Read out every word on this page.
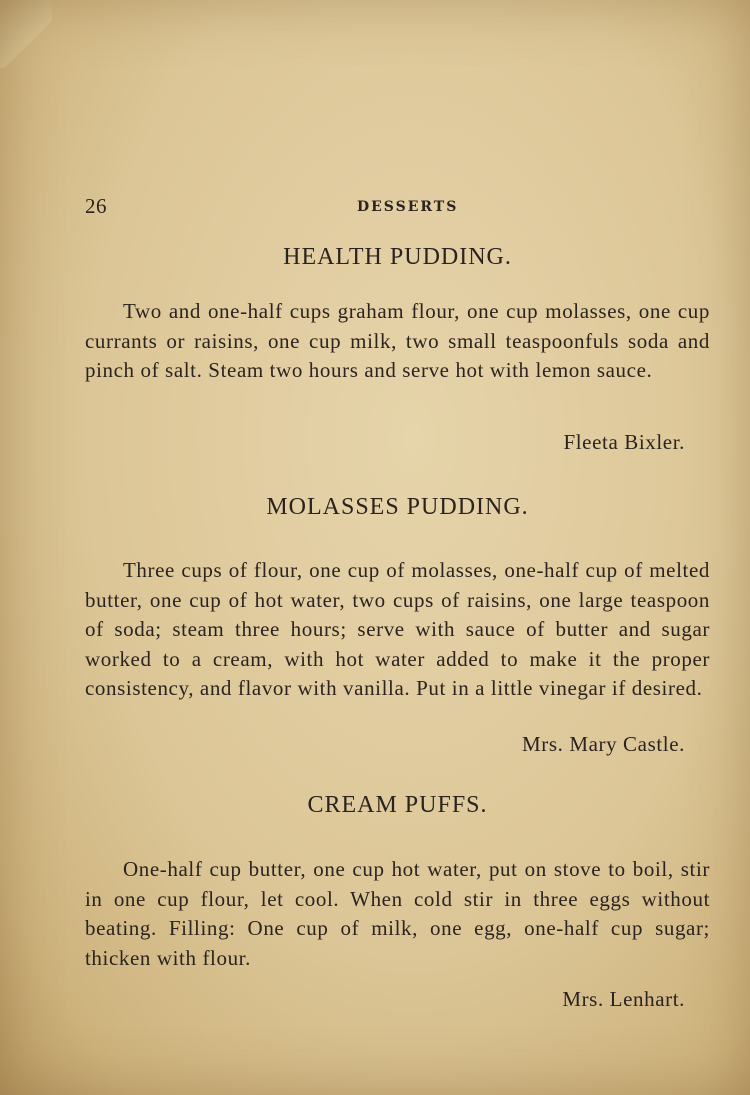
26	DESSERTS
HEALTH PUDDING.
Two and one-half cups graham flour, one cup molasses, one cup currants or raisins, one cup milk, two small teaspoonfuls soda and pinch of salt. Steam two hours and serve hot with lemon sauce.
Fleeta Bixler.
MOLASSES PUDDING.
Three cups of flour, one cup of molasses, one-half cup of melted butter, one cup of hot water, two cups of raisins, one large teaspoon of soda; steam three hours; serve with sauce of butter and sugar worked to a cream, with hot water added to make it the proper consistency, and flavor with vanilla. Put in a little vinegar if desired.
Mrs. Mary Castle.
CREAM PUFFS.
One-half cup butter, one cup hot water, put on stove to boil, stir in one cup flour, let cool. When cold stir in three eggs without beating. Filling: One cup of milk, one egg, one-half cup sugar; thicken with flour.
Mrs. Lenhart.
